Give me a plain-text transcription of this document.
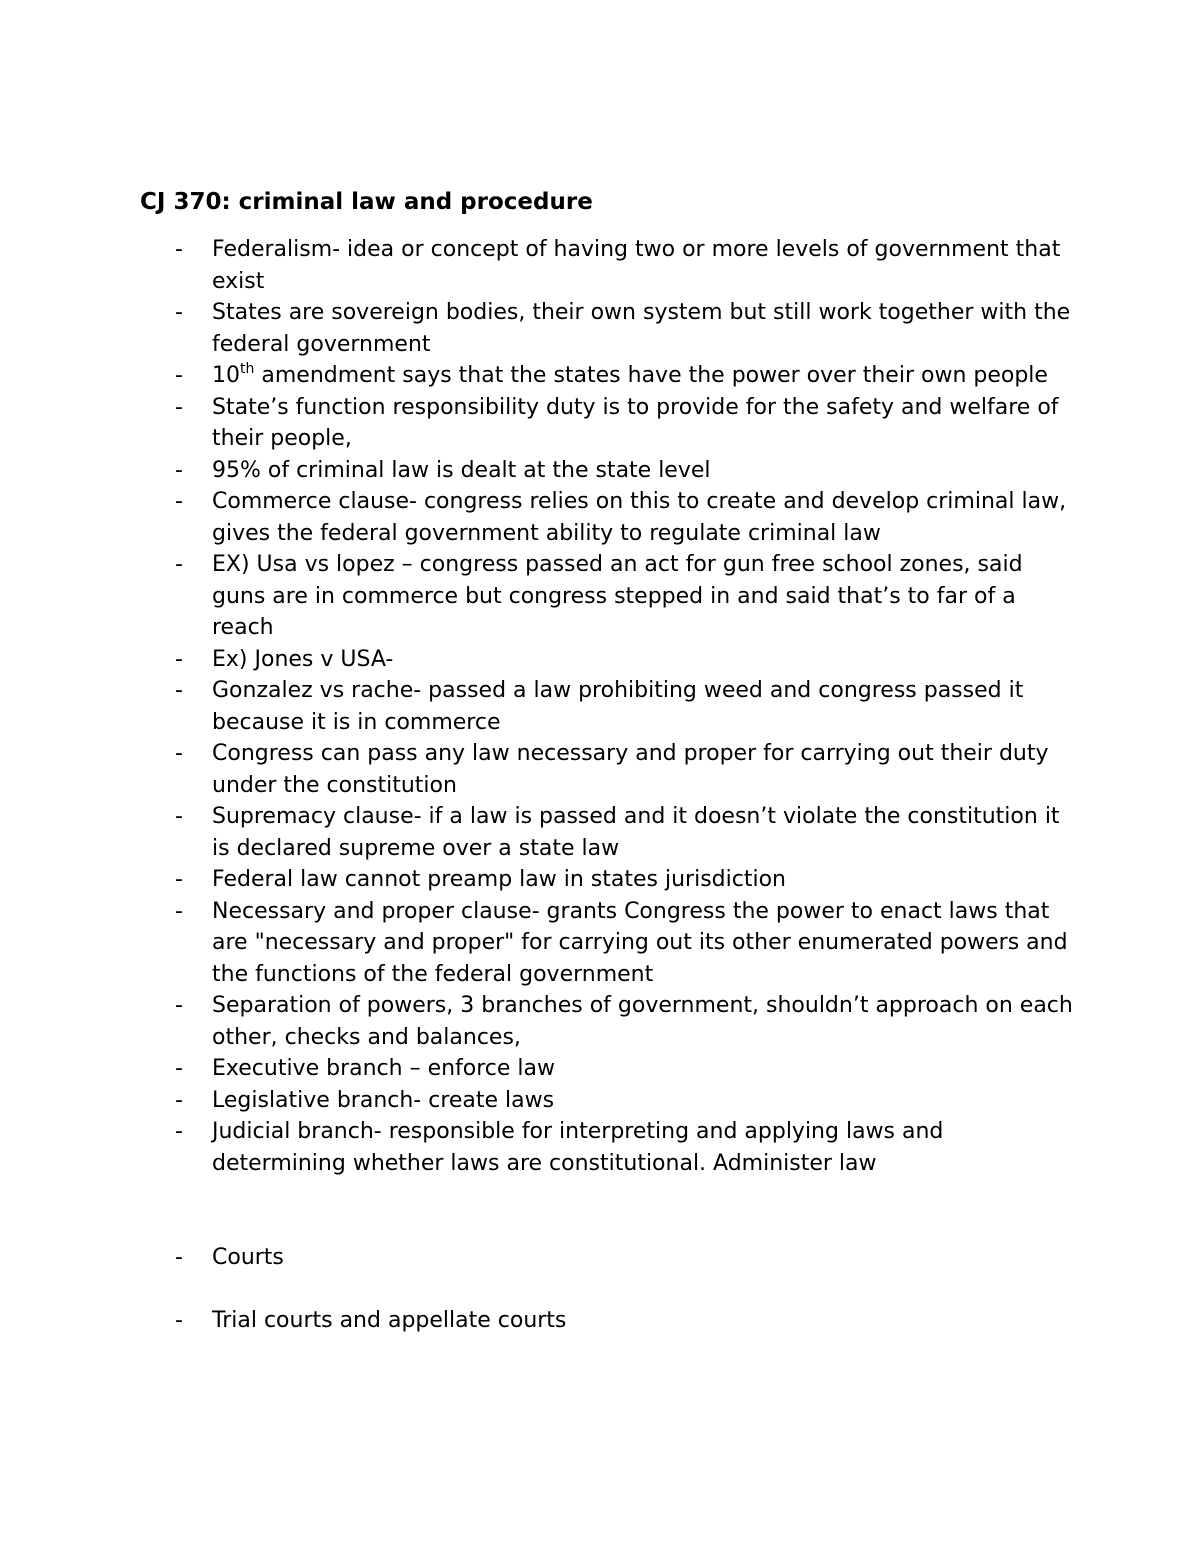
CJ 370: criminal law and procedure
- Federalism- idea or concept of having two or more levels of government that exist
- States are sovereign bodies, their own system but still work together with the federal government
- 10th amendment says that the states have the power over their own people
- State’s function responsibility duty is to provide for the safety and welfare of their people,
- 95% of criminal law is dealt at the state level
- Commerce clause- congress relies on this to create and develop criminal law, gives the federal government ability to regulate criminal law
- EX) Usa vs lopez – congress passed an act for gun free school zones, said guns are in commerce but congress stepped in and said that’s to far of a reach
- Ex) Jones v USA-
- Gonzalez vs rache- passed a law prohibiting weed and congress passed it because it is in commerce
- Congress can pass any law necessary and proper for carrying out their duty under the constitution
- Supremacy clause- if a law is passed and it doesn’t violate the constitution it is declared supreme over a state law
- Federal law cannot preamp law in states jurisdiction
- Necessary and proper clause- grants Congress the power to enact laws that are "necessary and proper" for carrying out its other enumerated powers and the functions of the federal government
- Separation of powers, 3 branches of government, shouldn’t approach on each other, checks and balances,
- Executive branch – enforce law
- Legislative branch- create laws
- Judicial branch- responsible for interpreting and applying laws and determining whether laws are constitutional. Administer law
- Courts
- Trial courts and appellate courts
